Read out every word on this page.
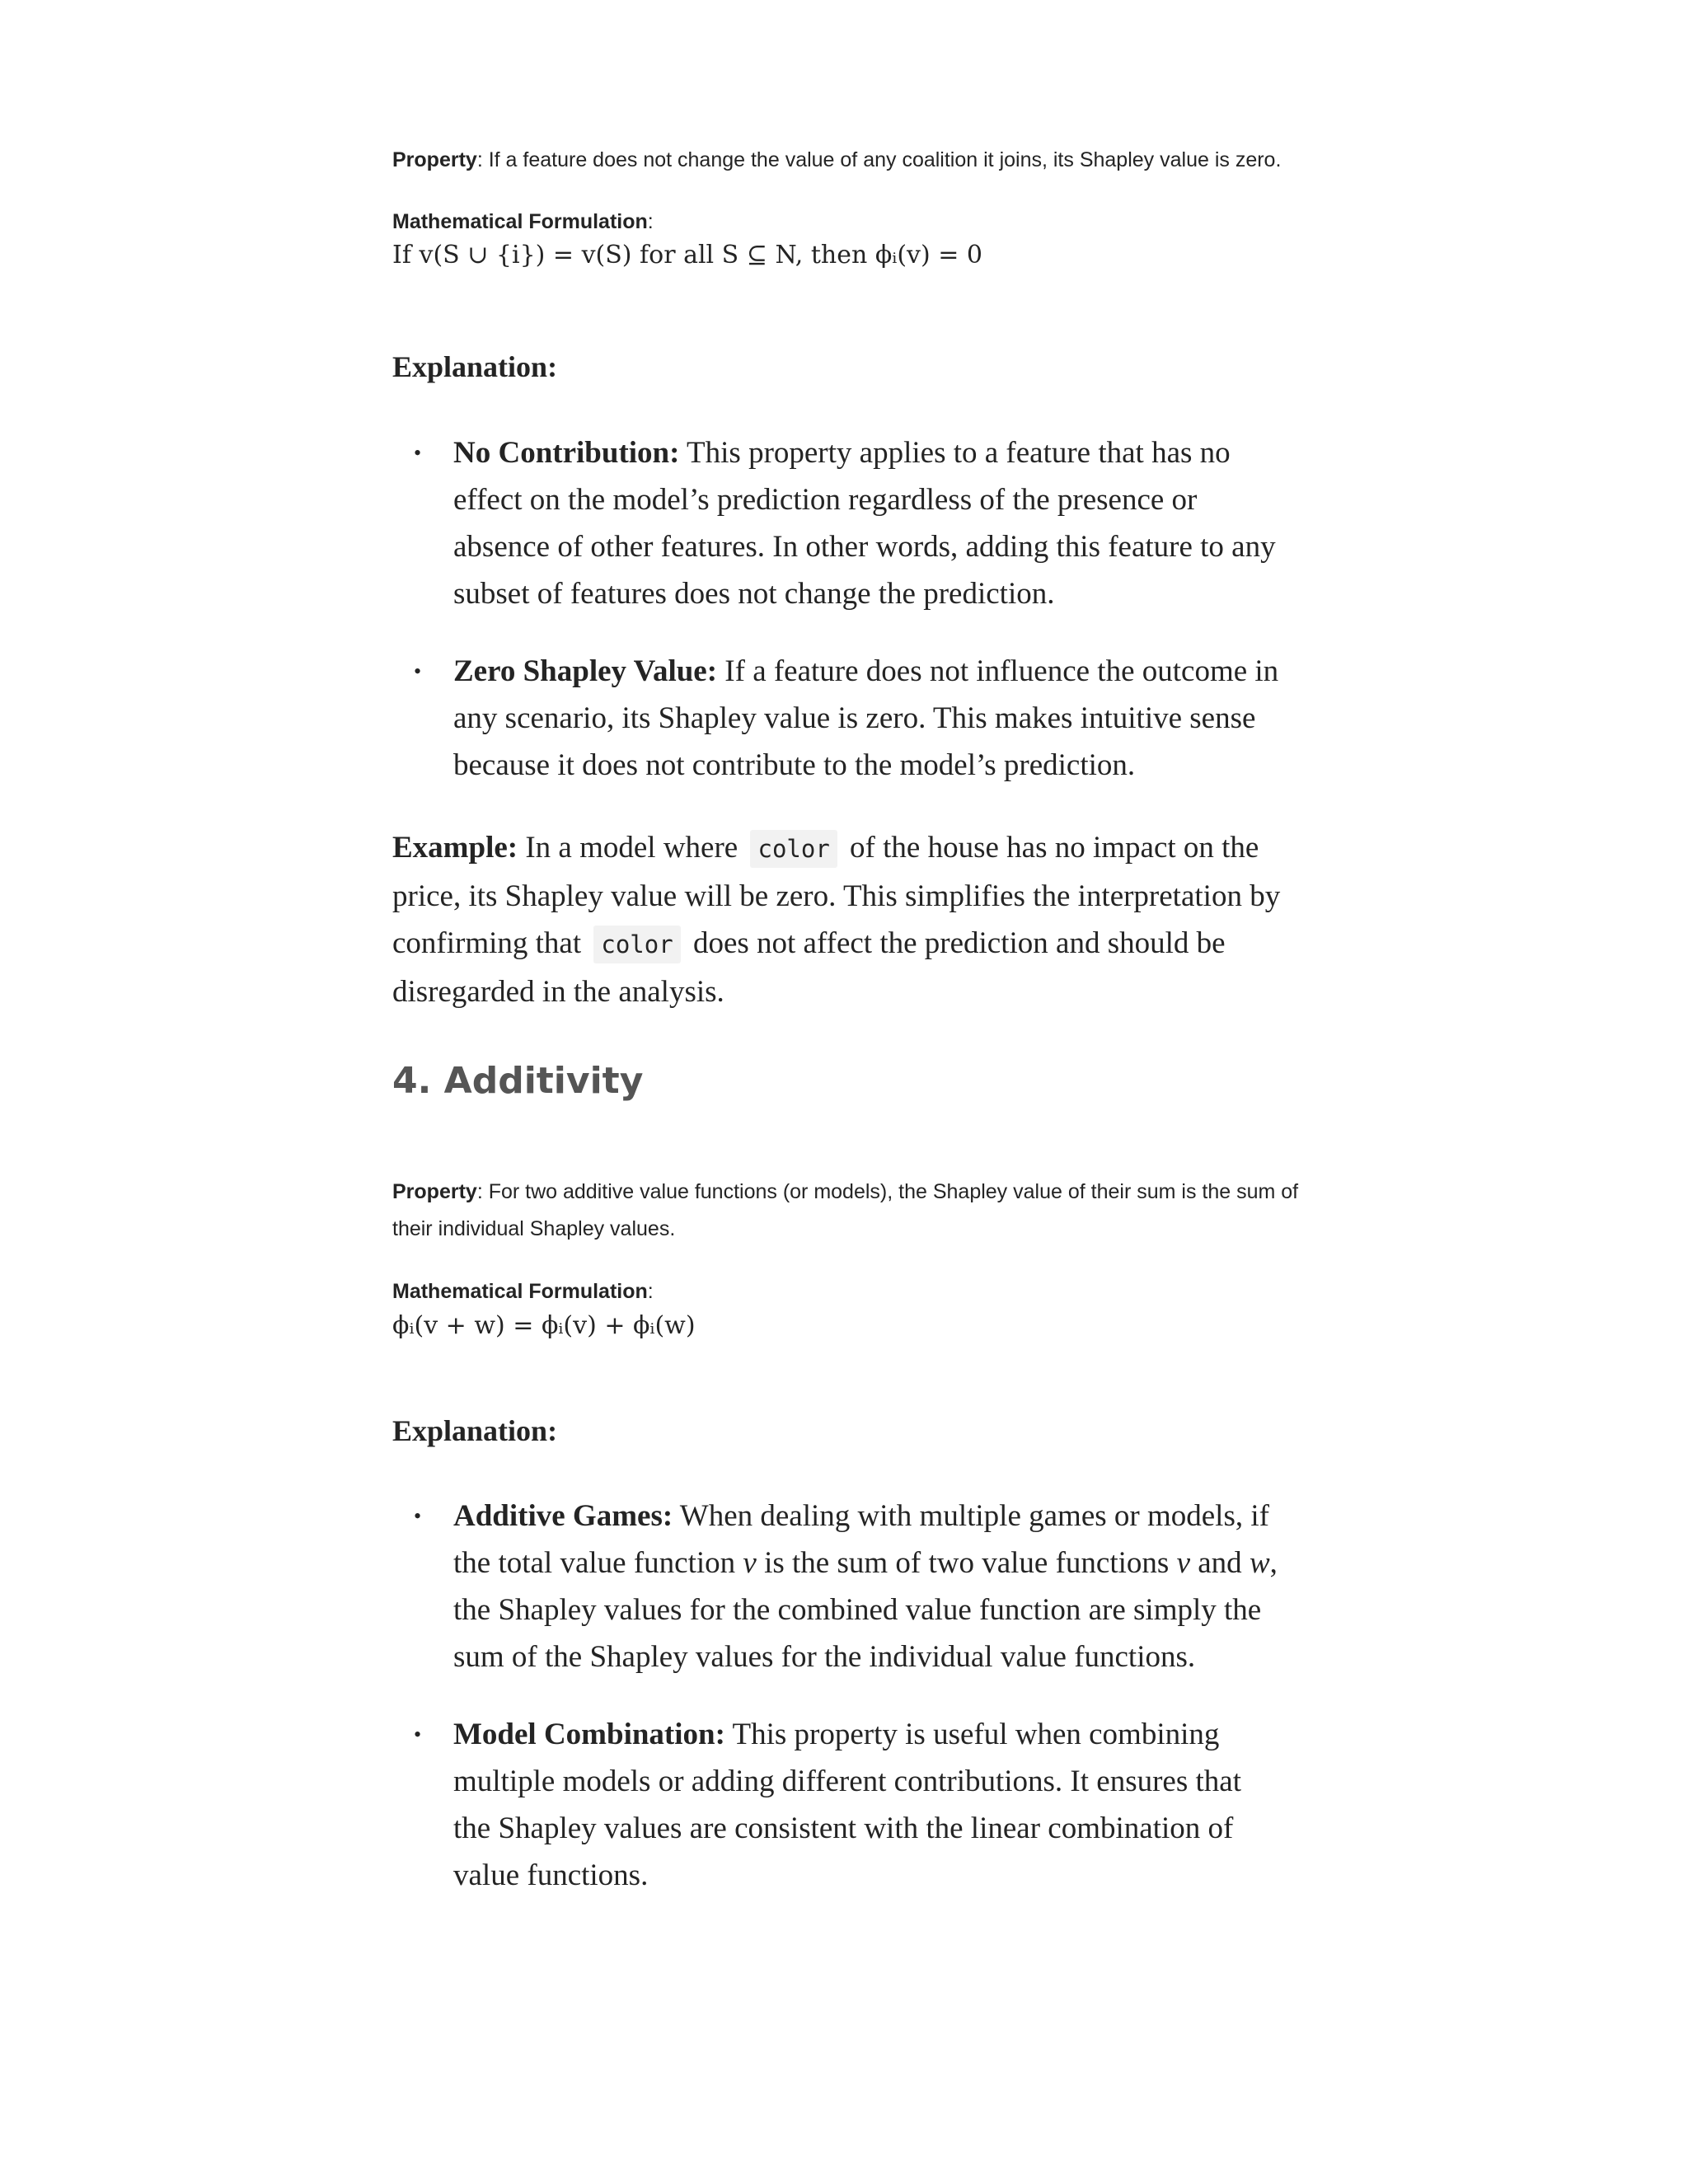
Property: If a feature does not change the value of any coalition it joins, its Shapley value is zero.

Mathematical Formulation:

If v(S ∪ {i}) = v(S) for all S ⊆ N, then ϕᵢ(v) = 0

Explanation:
• No Contribution: This property applies to a feature that has no effect on the model’s prediction regardless of the presence or absence of other features. In other words, adding this feature to any subset of features does not change the prediction.
• Zero Shapley Value: If a feature does not influence the outcome in any scenario, its Shapley value is zero. This makes intuitive sense because it does not contribute to the model’s prediction.

Example: In a model where color of the house has no impact on the price, its Shapley value will be zero. This simplifies the interpretation by confirming that color does not affect the prediction and should be disregarded in the analysis.

4. Additivity

Property: For two additive value functions (or models), the Shapley value of their sum is the sum of their individual Shapley values.

Mathematical Formulation:

ϕᵢ(v + w) = ϕᵢ(v) + ϕᵢ(w)

Explanation:
• Additive Games: When dealing with multiple games or models, if the total value function v is the sum of two value functions v and w, the Shapley values for the combined value function are simply the sum of the Shapley values for the individual value functions.
• Model Combination: This property is useful when combining multiple models or adding different contributions. It ensures that the Shapley values are consistent with the linear combination of value functions.
